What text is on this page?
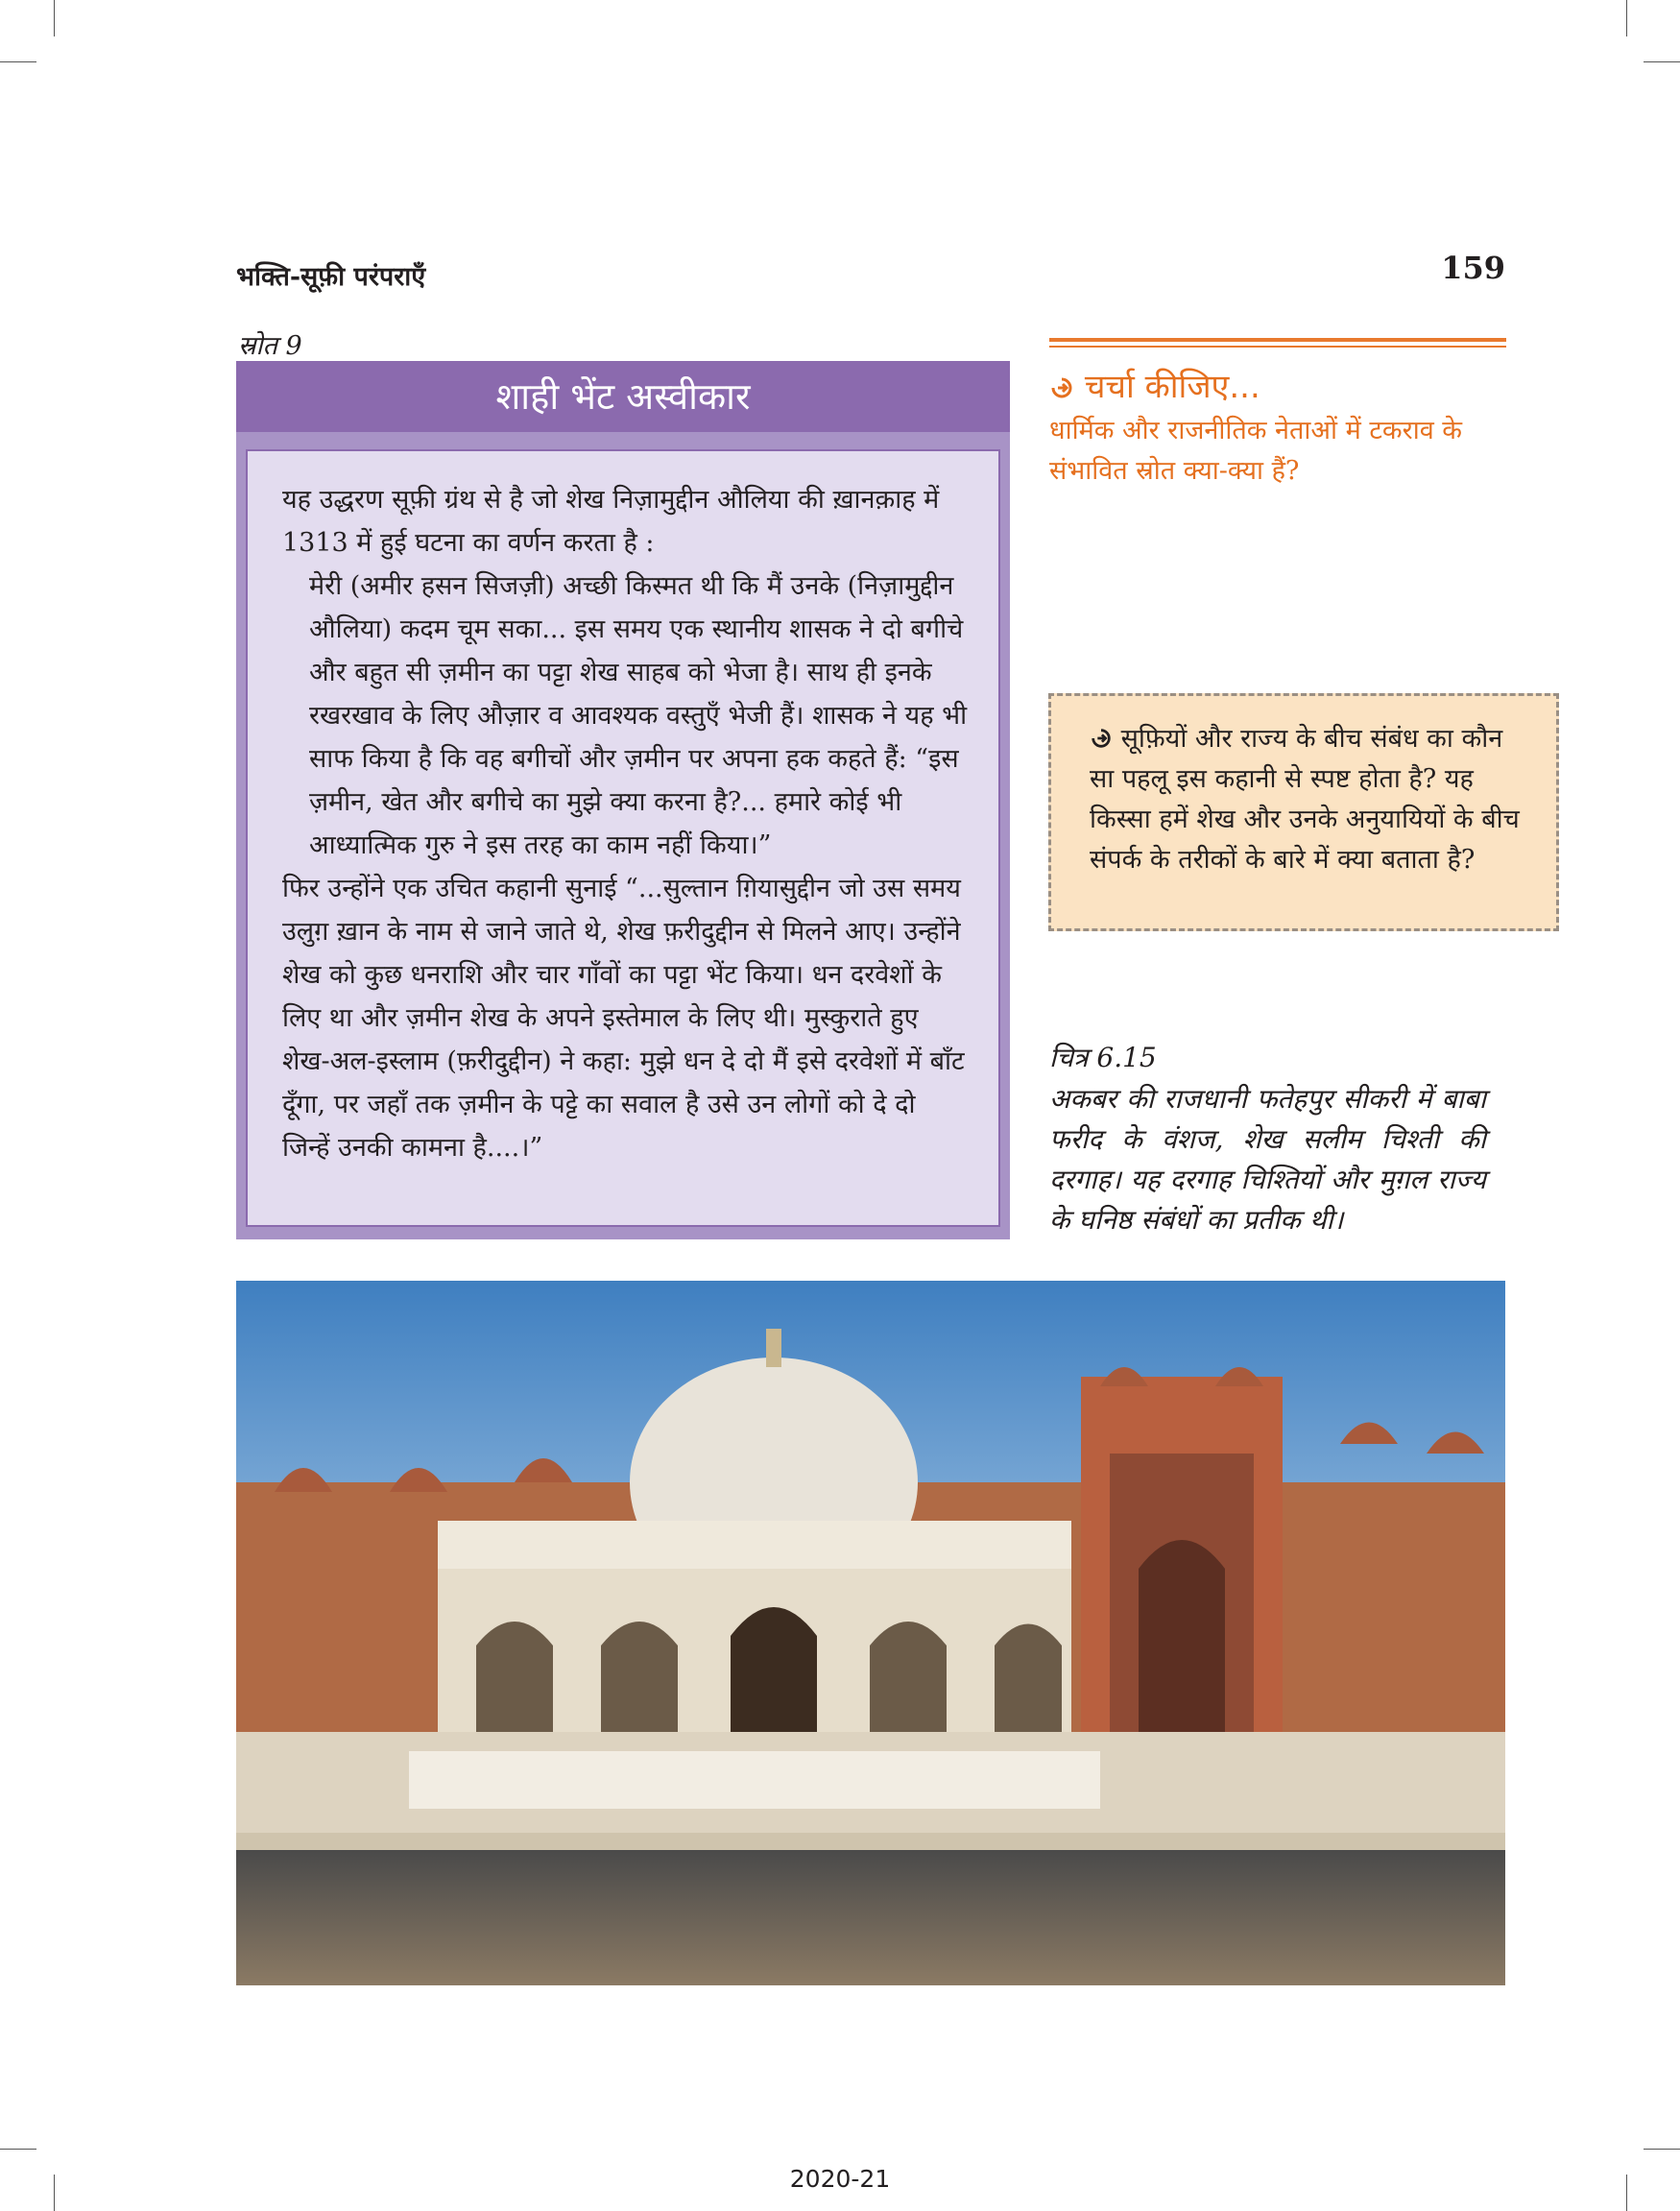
भक्ति-सूफ़ी परंपराएँ	159
स्रोत 9
शाही भेंट अस्वीकार

यह उद्धरण सूफ़ी ग्रंथ से है जो शेख निज़ामुद्दीन औलिया की ख़ानक़ाह में 1313 में हुई घटना का वर्णन करता है :

मेरी (अमीर हसन सिजज़ी) अच्छी किस्मत थी कि मैं उनके (निज़ामुद्दीन औलिया) कदम चूम सका... इस समय एक स्थानीय शासक ने दो बगीचे और बहुत सी ज़मीन का पट्टा शेख साहब को भेजा है। साथ ही इनके रखरखाव के लिए औज़ार व आवश्यक वस्तुएँ भेजी हैं। शासक ने यह भी साफ किया है कि वह बगीचों और ज़मीन पर अपना हक कहते हैं: “इस ज़मीन, खेत और बगीचे का मुझे क्या करना है?... हमारे कोई भी आध्यात्मिक गुरु ने इस तरह का काम नहीं किया।”

फिर उन्होंने एक उचित कहानी सुनाई “...सुल्तान ग़ियासुद्दीन जो उस समय उलुग़ ख़ान के नाम से जाने जाते थे, शेख फ़रीदुद्दीन से मिलने आए। उन्होंने शेख को कुछ धनराशि और चार गाँवों का पट्टा भेंट किया। धन दरवेशों के लिए था और ज़मीन शेख के अपने इस्तेमाल के लिए थी। मुस्कुराते हुए शेख-अल-इस्लाम (फ़रीदुद्दीन) ने कहा: मुझे धन दे दो मैं इसे दरवेशों में बाँट दूँगा, पर जहाँ तक ज़मीन के पट्टे का सवाल है उसे उन लोगों को दे दो जिन्हें उनकी कामना है....।”

चर्चा कीजिए...
धार्मिक और राजनीतिक नेताओं में टकराव के संभावित स्रोत क्या-क्या हैं?
सूफ़ियों और राज्य के बीच संबंध का कौन सा पहलू इस कहानी से स्पष्ट होता है? यह किस्सा हमें शेख और उनके अनुयायियों के बीच संपर्क के तरीकों के बारे में क्या बताता है?
चित्र 6.15
अकबर की राजधानी फतेहपुर सीकरी में बाबा फरीद के वंशज, शेख सलीम चिश्ती की दरगाह। यह दरगाह चिश्तियों और मुग़ल राज्य के घनिष्ठ संबंधों का प्रतीक थी।
2020-21
